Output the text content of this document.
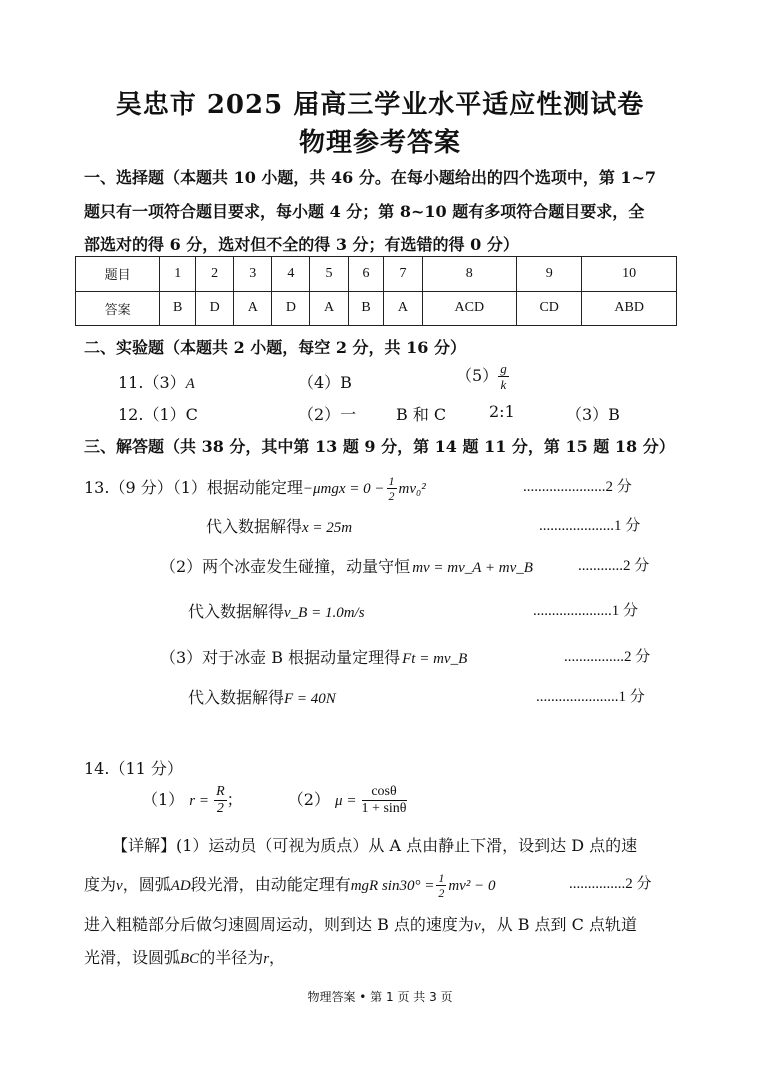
吴忠市 2025 届高三学业水平适应性测试卷
物理参考答案
一、选择题（本题共 10 小题，共 46 分。在每小题给出的四个选项中，第 1~7
题只有一项符合题目要求，每小题 4 分；第 8~10 题有多项符合题目要求，全
部选对的得 6 分，选对但不全的得 3 分；有选错的得 0 分）
题目	1	2	3	4	5	6	7	8	9	10
答案	B	D	A	D	A	B	A	ACD	CD	ABD
二、实验题（本题共 2 小题，每空 2 分，共 16 分）
11.（3）A	（4）B	$(5) \frac{g}{k}$
12.（1）C	（2）一 B 和 C	2:1	（3）B
三、解答题（共 38 分，其中第 13 题 9 分，第 14 题 11 分，第 15 题 18 分）
13.（9 分）（1）根据动能定理$-\mu mgx = 0 - \frac{1}{2} mv_0^2$	......................2 分
代入数据解得x = 25m	....................1 分
（2）两个冰壶发生碰撞，动量守恒 mv = mv_A + mv_B	............2 分
代入数据解得v_B = 1.0m/s	.....................1 分
（3）对于冰壶 B 根据动量定理得 Ft = mv_B	................2 分
代入数据解得F = 40N	......................1 分
14.（11 分）
（1） $r = \frac{R}{2}$ ；	（2） $\mu = \frac{\cos\theta}{1 + \sin\theta}$
【详解】(1）运动员（可视为质点）从 A 点由静止下滑，设到达 D 点的速
度为v，圆弧AD段光滑，由动能定理有mgR $\sin 30^\circ = \frac{1}{2} mv^2 - 0$	...............2 分
进入粗糙部分后做匀速圆周运动，则到达 B 点的速度为v，从 B 点到 C 点轨道
光滑，设圆弧BC的半径为r，
物理答案 • 第 1 页 共 3 页
